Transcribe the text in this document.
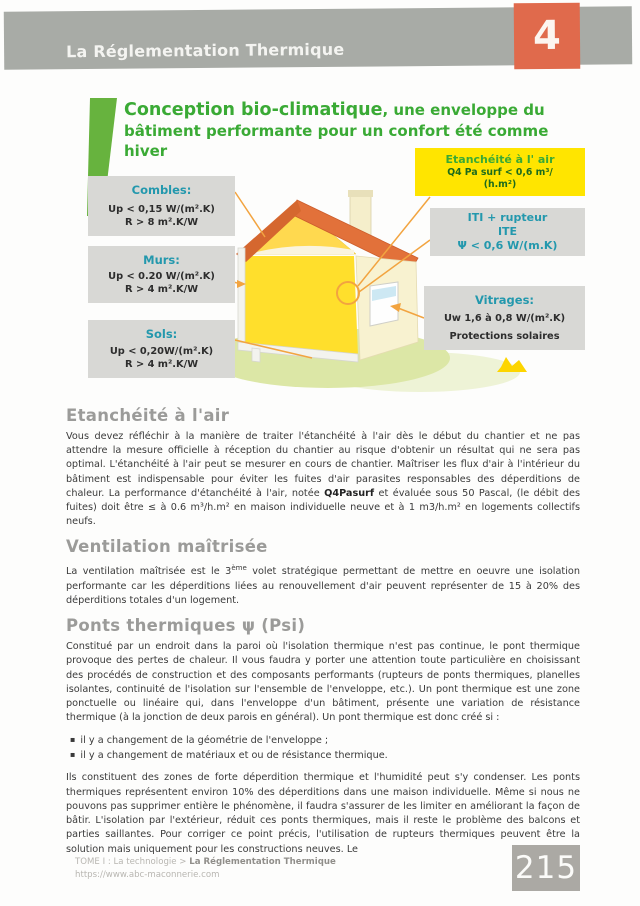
La Réglementation Thermique	4
Conception bio-climatique, une enveloppe du bâtiment performante pour un confort été comme hiver
Etanchéité à l' air
Q4 Pa surf < 0,6 m³/
(h.m²)
Combles:
Up < 0,15 W/(m².K)
R > 8 m².K/W
Murs:
Up < 0.20 W/(m².K)
R > 4 m².K/W
Sols:
Up < 0,20W/(m².K)
R > 4 m².K/W
ITI + rupteur
ITE
Ψ < 0,6 W/(m.K)
Vitrages:
Uw 1,6 à 0,8 W/(m².K)
Protections solaires
Etanchéité à l'air

Vous devez réfléchir à la manière de traiter l'étanchéité à l'air dès le début du chantier et ne pas attendre la mesure officielle à réception du chantier au risque d'obtenir un résultat qui ne sera pas optimal. L'étanchéité à l'air peut se mesurer en cours de chantier. Maîtriser les flux d'air à l'intérieur du bâtiment est indispensable pour éviter les fuites d'air parasites responsables des déperditions de chaleur. La performance d'étanchéité à l'air, notée Q4Pasurf et évaluée sous 50 Pascal, (le débit des fuites) doit être ≤ à 0.6 m³/h.m² en maison individuelle neuve et à 1 m3/h.m² en logements collectifs neufs.

Ventilation maîtrisée

La ventilation maîtrisée est le 3ème volet stratégique permettant de mettre en oeuvre une isolation performante car les déperditions liées au renouvellement d'air peuvent représenter de 15 à 20% des déperditions totales d'un logement.

Ponts thermiques ψ (Psi)

Constitué par un endroit dans la paroi où l'isolation thermique n'est pas continue, le pont thermique provoque des pertes de chaleur. Il vous faudra y porter une attention toute particulière en choisissant des procédés de construction et des composants performants (rupteurs de ponts thermiques, planelles isolantes, continuité de l'isolation sur l'ensemble de l'enveloppe, etc.). Un pont thermique est une zone ponctuelle ou linéaire qui, dans l'enveloppe d'un bâtiment, présente une variation de résistance thermique (à la jonction de deux parois en général). Un pont thermique est donc créé si :

▪ il y a changement de la géométrie de l'enveloppe ;
▪ il y a changement de matériaux et ou de résistance thermique.

Ils constituent des zones de forte déperdition thermique et l'humidité peut s'y condenser. Les ponts thermiques représentent environ 10% des déperditions dans une maison individuelle. Même si nous ne pouvons pas supprimer entière le phénomène, il faudra s'assurer de les limiter en améliorant la façon de bâtir. L'isolation par l'extérieur, réduit ces ponts thermiques, mais il reste le problème des balcons et parties saillantes. Pour corriger ce point précis, l'utilisation de rupteurs thermiques peuvent être la solution mais uniquement pour les constructions neuves. Le

TOME I : La technologie > La Réglementation Thermique
https://www.abc-maconnerie.com	215
